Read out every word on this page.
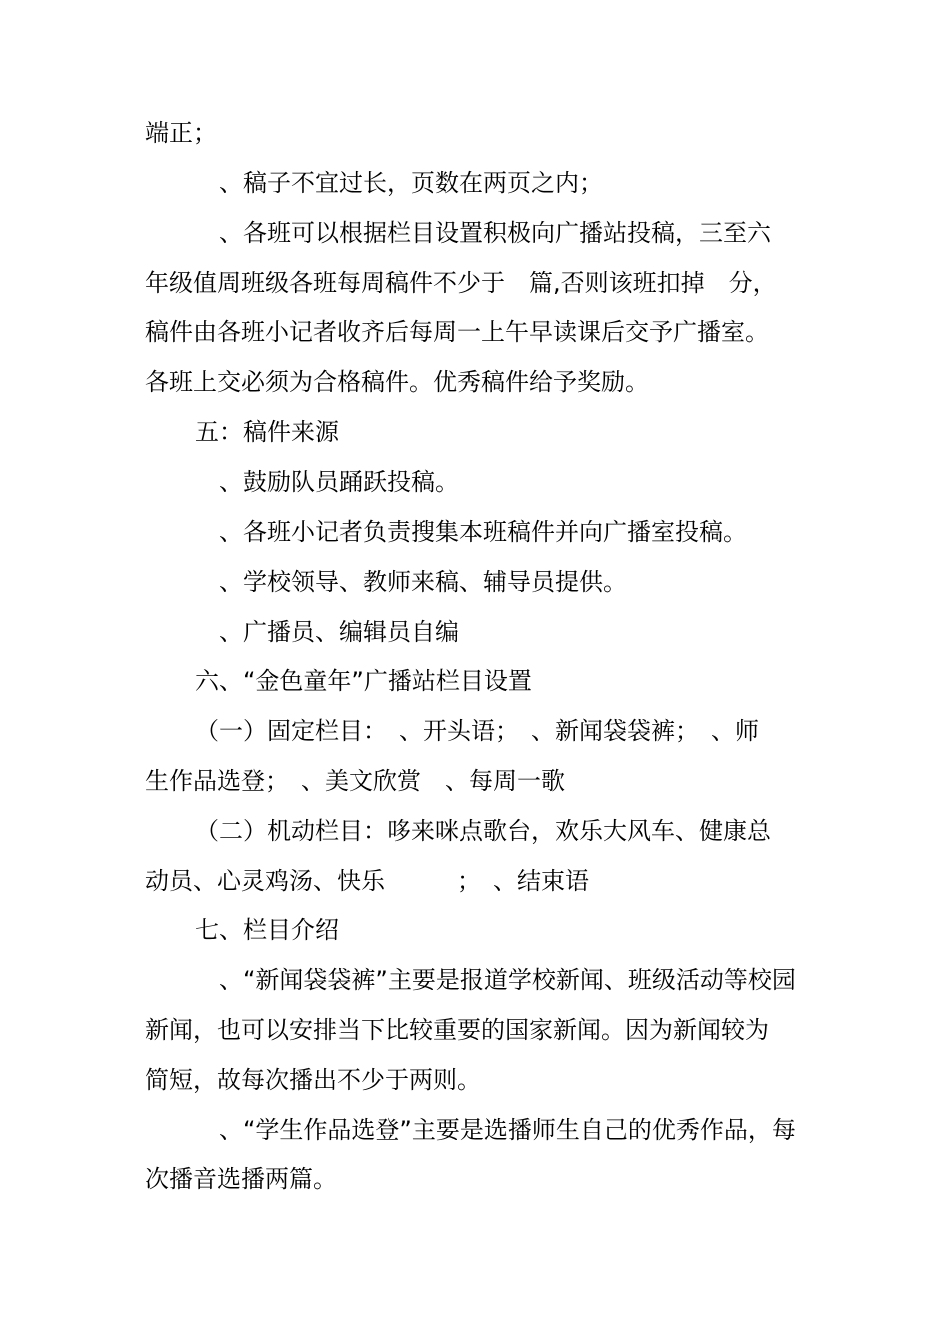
端正；
　、稿子不宜过长，页数在两页之内；
　、各班可以根据栏目设置积极向广播站投稿，三至六
年级值周班级各班每周稿件不少于　篇,否则该班扣掉　分，
稿件由各班小记者收齐后每周一上午早读课后交予广播室。
各班上交必须为合格稿件。优秀稿件给予奖励。
五：稿件来源
　、鼓励队员踊跃投稿。
　、各班小记者负责搜集本班稿件并向广播室投稿。
　、学校领导、教师来稿、辅导员提供。
　、广播员、编辑员自编
六、“金色童年”广播站栏目设置
（一）固定栏目：　、开头语；　、新闻袋袋裤；　、师
生作品选登；　、美文欣赏　、每周一歌
（二）机动栏目：哆来咪点歌台，欢乐大风车、健康总
动员、心灵鸡汤、快乐　　　；　、结束语
七、栏目介绍
　、“新闻袋袋裤”主要是报道学校新闻、班级活动等校园
新闻，也可以安排当下比较重要的国家新闻。因为新闻较为
简短，故每次播出不少于两则。
　、“学生作品选登”主要是选播师生自己的优秀作品，每
次播音选播两篇。
